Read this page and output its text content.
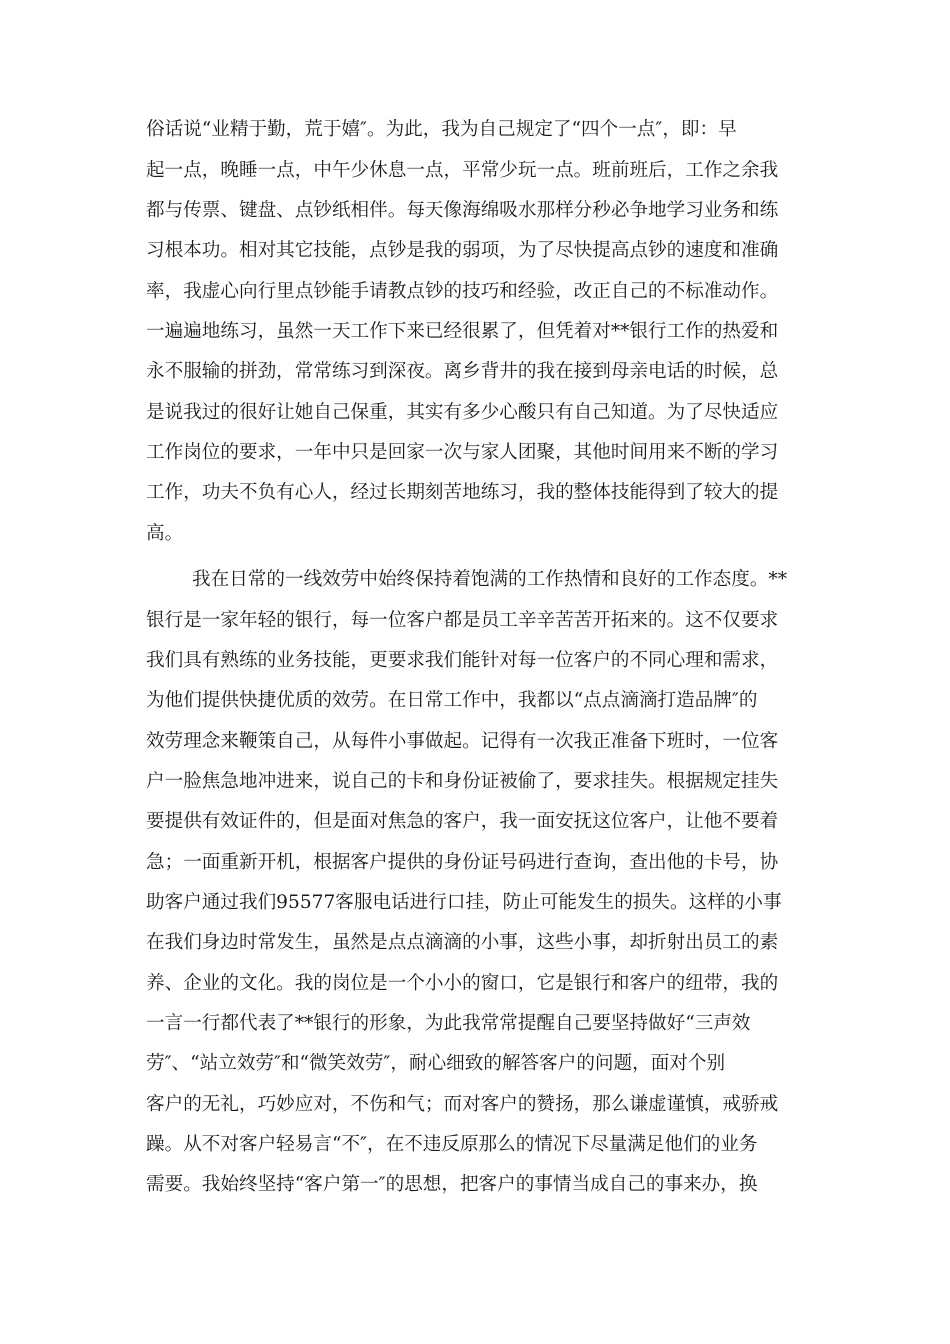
俗话说“业精于勤，荒于嬉″。为此，我为自己规定了“四个一点″，即：早
起一点，晚睡一点，中午少休息一点，平常少玩一点。班前班后，工作之余我
都与传票、键盘、点钞纸相伴。每天像海绵吸水那样分秒必争地学习业务和练
习根本功。相对其它技能，点钞是我的弱项，为了尽快提高点钞的速度和准确
率，我虚心向行里点钞能手请教点钞的技巧和经验，改正自己的不标准动作。
一遍遍地练习，虽然一天工作下来已经很累了，但凭着对**银行工作的热爱和
永不服输的拼劲，常常练习到深夜。离乡背井的我在接到母亲电话的时候，总
是说我过的很好让她自己保重，其实有多少心酸只有自己知道。为了尽快适应
工作岗位的要求，一年中只是回家一次与家人团聚，其他时间用来不断的学习
工作，功夫不负有心人，经过长期刻苦地练习，我的整体技能得到了较大的提
高。
我在日常的一线效劳中始终保持着饱满的工作热情和良好的工作态度。**
银行是一家年轻的银行，每一位客户都是员工辛辛苦苦开拓来的。这不仅要求
我们具有熟练的业务技能，更要求我们能针对每一位客户的不同心理和需求，
为他们提供快捷优质的效劳。在日常工作中，我都以“点点滴滴打造品牌″的
效劳理念来鞭策自己，从每件小事做起。记得有一次我正准备下班时，一位客
户一脸焦急地冲进来，说自己的卡和身份证被偷了，要求挂失。根据规定挂失
要提供有效证件的，但是面对焦急的客户，我一面安抚这位客户，让他不要着
急；一面重新开机，根据客户提供的身份证号码进行查询，查出他的卡号，协
助客户通过我们95577客服电话进行口挂，防止可能发生的损失。这样的小事
在我们身边时常发生，虽然是点点滴滴的小事，这些小事，却折射出员工的素
养、企业的文化。我的岗位是一个小小的窗口，它是银行和客户的纽带，我的
一言一行都代表了**银行的形象，为此我常常提醒自己要坚持做好“三声效
劳″、“站立效劳″和“微笑效劳″，耐心细致的解答客户的问题，面对个别
客户的无礼，巧妙应对，不伤和气；而对客户的赞扬，那么谦虚谨慎，戒骄戒
躁。从不对客户轻易言“不″，在不违反原那么的情况下尽量满足他们的业务
需要。我始终坚持“客户第一″的思想，把客户的事情当成自己的事来办，换
